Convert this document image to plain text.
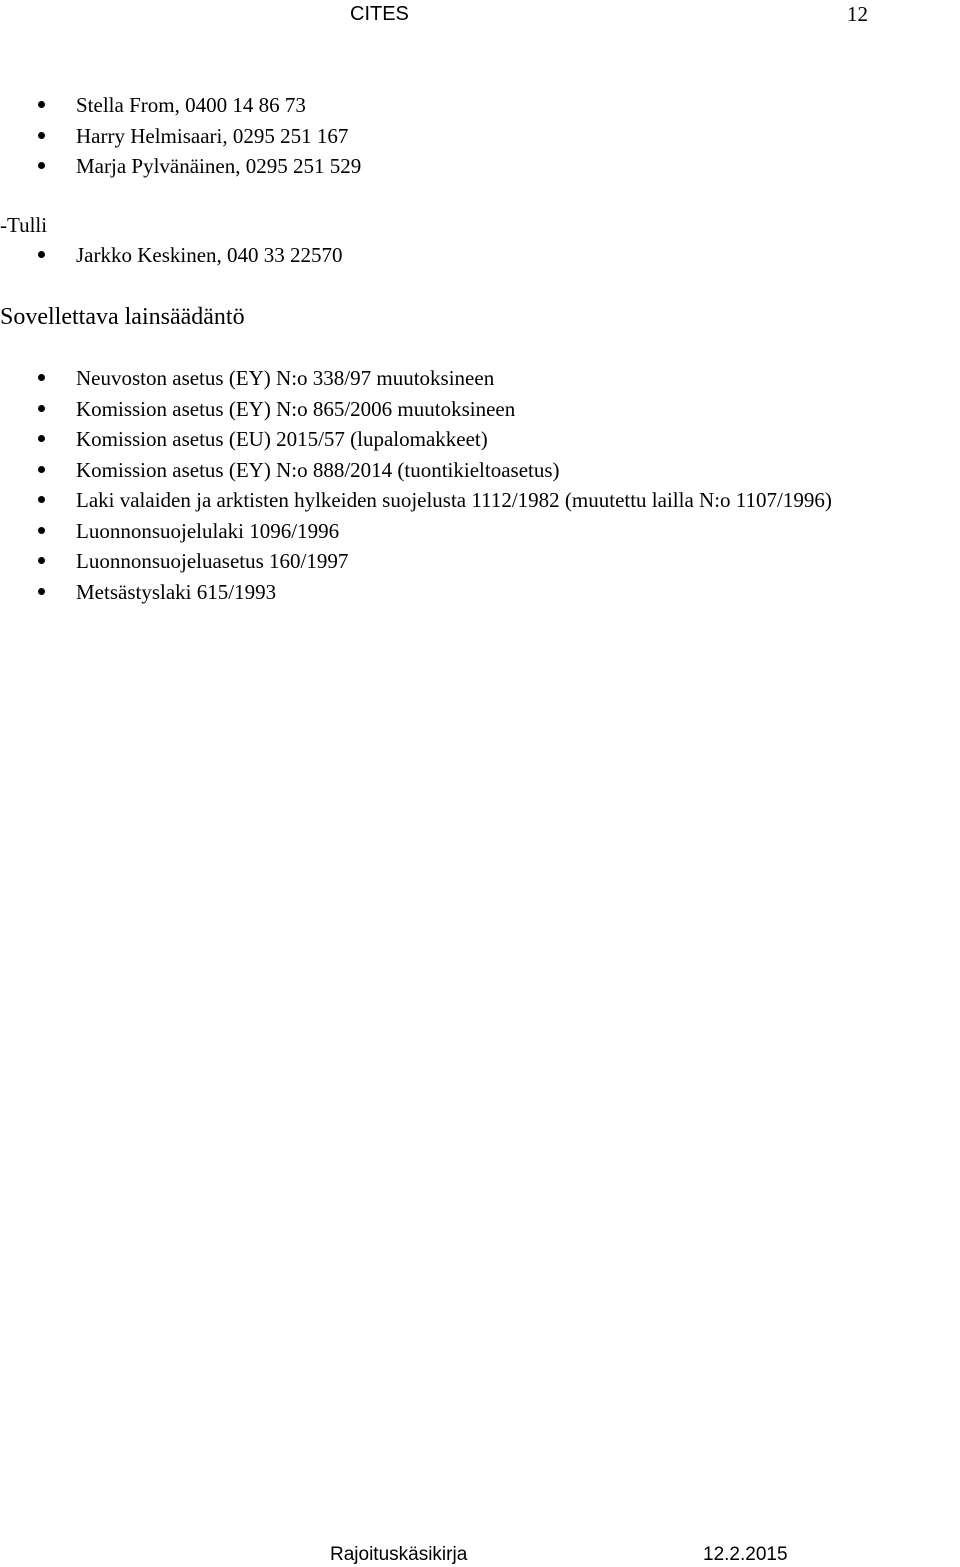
CITES	12
Stella From, 0400 14 86 73
Harry Helmisaari, 0295 251 167
Marja Pylvänäinen, 0295 251 529
-Tulli
Jarkko Keskinen, 040 33 22570
Sovellettava lainsäädäntö
Neuvoston asetus (EY) N:o 338/97 muutoksineen
Komission asetus (EY) N:o 865/2006 muutoksineen
Komission asetus (EU) 2015/57 (lupalomakkeet)
Komission asetus (EY) N:o 888/2014 (tuontikieltoasetus)
Laki valaiden ja arktisten hylkeiden suojelusta 1112/1982 (muutettu lailla N:o 1107/1996)
Luonnonsuojelulaki 1096/1996
Luonnonsuojeluasetus 160/1997
Metsästyslaki 615/1993
Rajoituskäsikirja	12.2.2015
